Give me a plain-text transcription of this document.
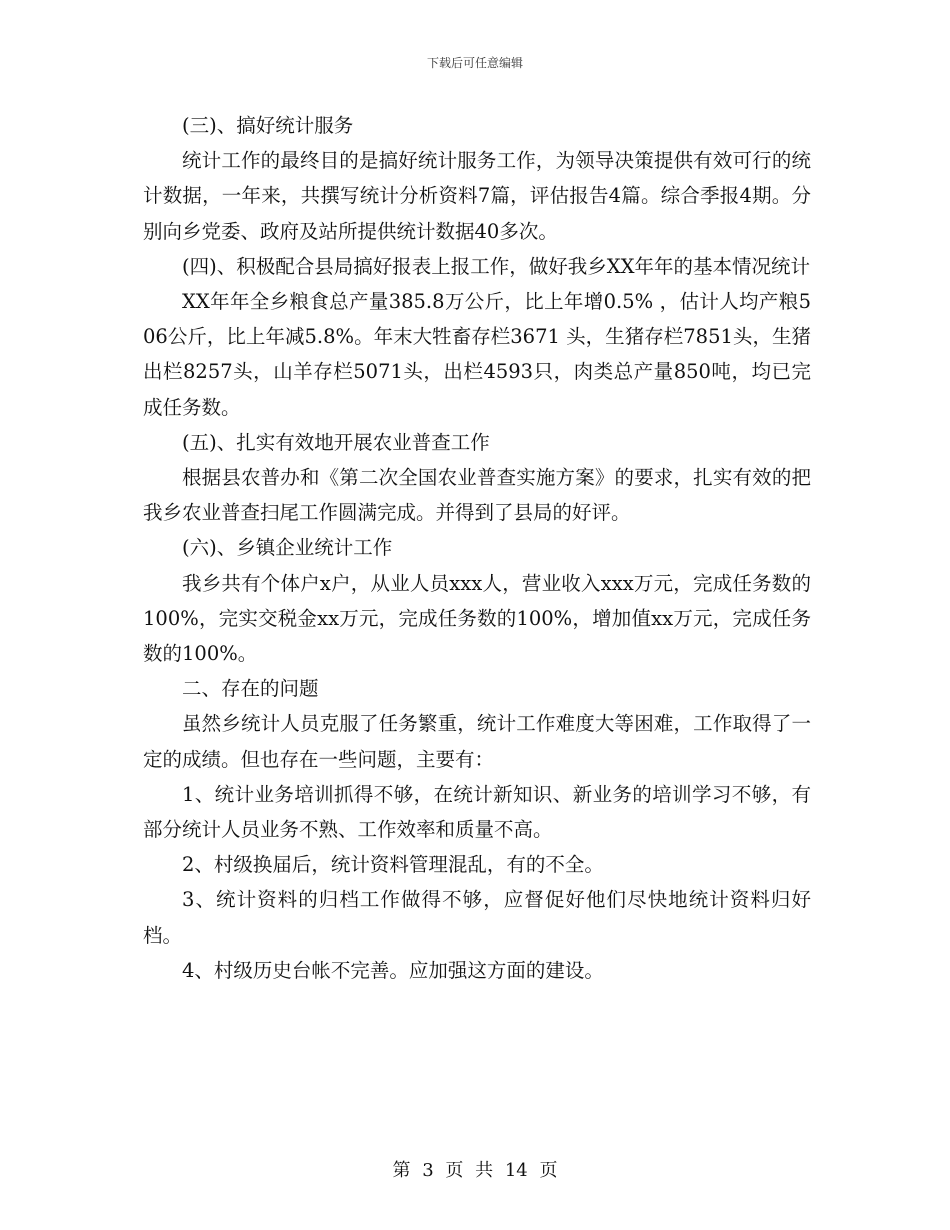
下载后可任意编辑

(三)、搞好统计服务

统计工作的最终目的是搞好统计服务工作，为领导决策提供有效可行的统计数据，一年来，共撰写统计分析资料7篇，评估报告4篇。综合季报4期。分别向乡党委、政府及站所提供统计数据40多次。

(四)、积极配合县局搞好报表上报工作，做好我乡XX年年的基本情况统计

XX年年全乡粮食总产量385.8万公斤，比上年增0.5% ，估计人均产粮506公斤，比上年减5.8%。年末大牲畜存栏3671 头，生猪存栏7851头，生猪出栏8257头，山羊存栏5071头，出栏4593只，肉类总产量850吨，均已完成任务数。

(五)、扎实有效地开展农业普查工作

根据县农普办和《第二次全国农业普查实施方案》的要求，扎实有效的把我乡农业普查扫尾工作圆满完成。并得到了县局的好评。

(六)、乡镇企业统计工作

我乡共有个体户x户，从业人员xxx人，营业收入xxx万元，完成任务数的100%，完实交税金xx万元，完成任务数的100%，增加值xx万元，完成任务数的100%。

二、存在的问题

虽然乡统计人员克服了任务繁重，统计工作难度大等困难，工作取得了一定的成绩。但也存在一些问题，主要有：

1、统计业务培训抓得不够，在统计新知识、新业务的培训学习不够，有部分统计人员业务不熟、工作效率和质量不高。

2、村级换届后，统计资料管理混乱，有的不全。

3、统计资料的归档工作做得不够，应督促好他们尽快地统计资料归好档。

4、村级历史台帐不完善。应加强这方面的建设。

第 3 页 共 14 页
